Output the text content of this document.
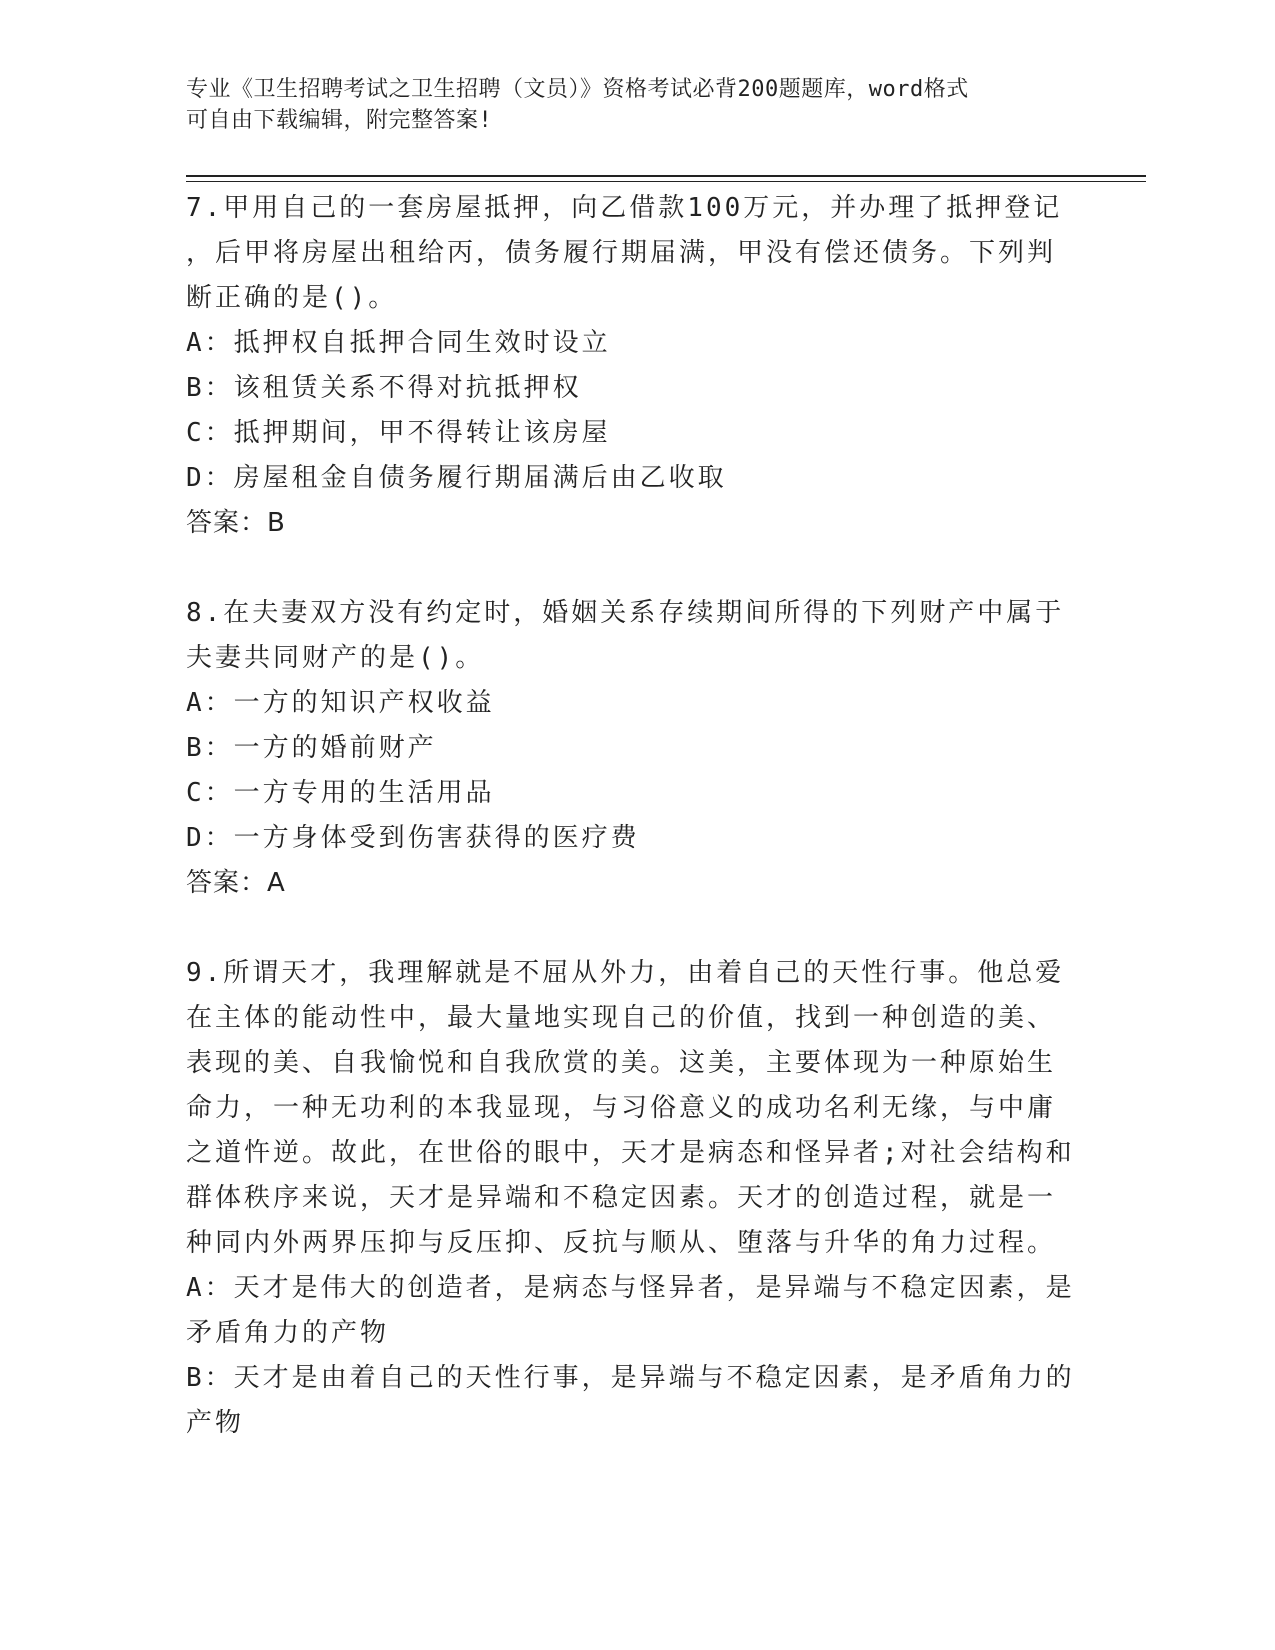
专业《卫生招聘考试之卫生招聘（文员）》资格考试必背200题题库，word格式
可自由下载编辑，附完整答案!
7.甲用自己的一套房屋抵押，向乙借款100万元，并办理了抵押登记
，后甲将房屋出租给丙，债务履行期届满，甲没有偿还债务。下列判
断正确的是()。
A：抵押权自抵押合同生效时设立
B：该租赁关系不得对抗抵押权
C：抵押期间，甲不得转让该房屋
D：房屋租金自债务履行期届满后由乙收取
答案：B
8.在夫妻双方没有约定时，婚姻关系存续期间所得的下列财产中属于
夫妻共同财产的是()。
A：一方的知识产权收益
B：一方的婚前财产
C：一方专用的生活用品
D：一方身体受到伤害获得的医疗费
答案：A
9.所谓天才，我理解就是不屈从外力，由着自己的天性行事。他总爱
在主体的能动性中，最大量地实现自己的价值，找到一种创造的美、
表现的美、自我愉悦和自我欣赏的美。这美，主要体现为一种原始生
命力，一种无功利的本我显现，与习俗意义的成功名利无缘，与中庸
之道忤逆。故此，在世俗的眼中，天才是病态和怪异者;对社会结构和
群体秩序来说，天才是异端和不稳定因素。天才的创造过程，就是一
种同内外两界压抑与反压抑、反抗与顺从、堕落与升华的角力过程。
A：天才是伟大的创造者，是病态与怪异者，是异端与不稳定因素，是
矛盾角力的产物
B：天才是由着自己的天性行事，是异端与不稳定因素，是矛盾角力的
产物
